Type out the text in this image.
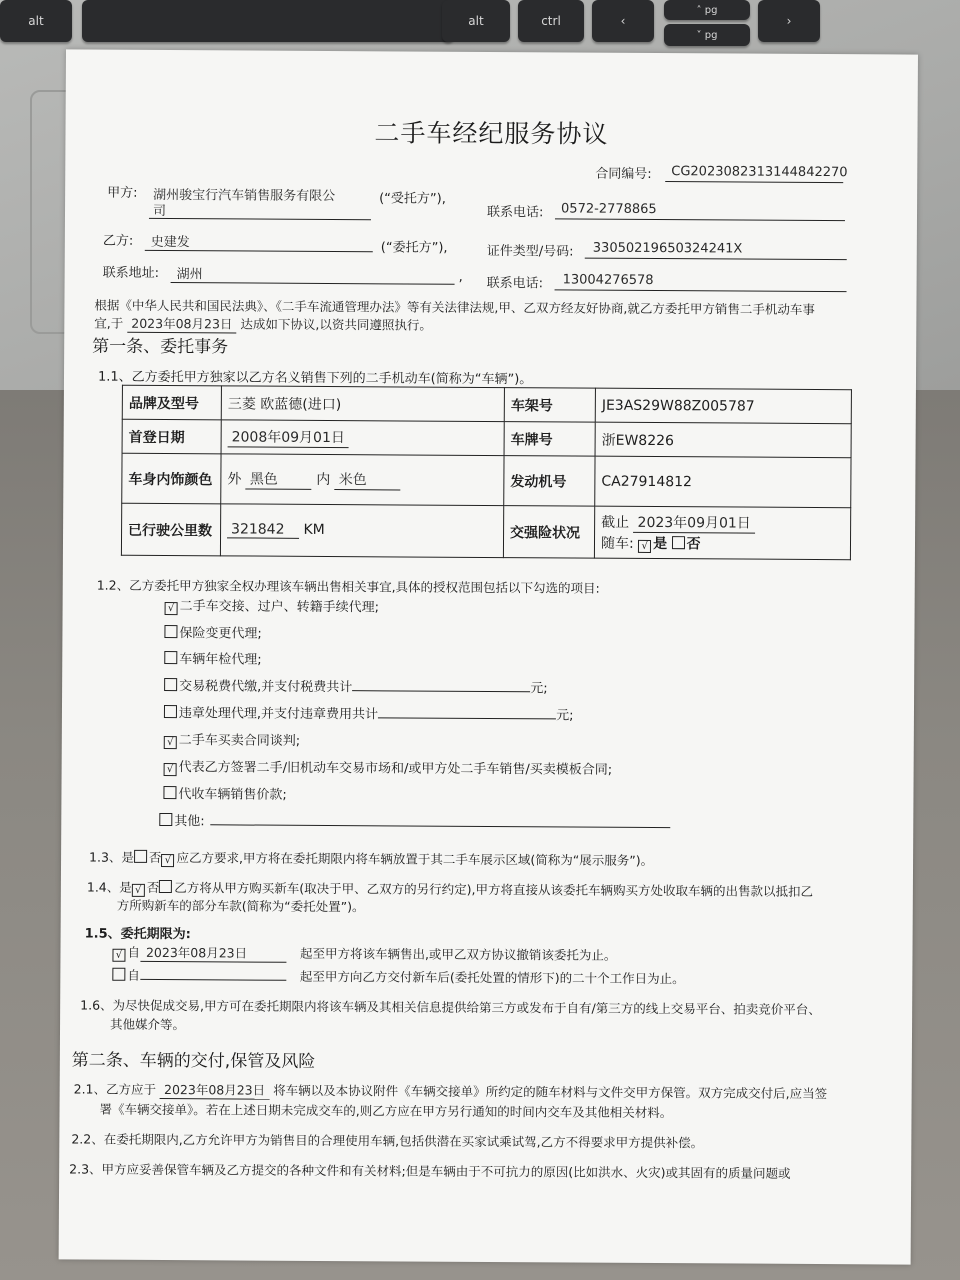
alt	alt	ctrl	‹
˄
pg
˅
pg
›
二手车经纪服务协议
合同编号: CG2023082313144842270
甲方: 湖州骏宝行汽车销售服务有限公
司
(“受托方”),
联系电话: 0572-2778865
乙方: 史建发	(“委托方”),	证件类型/号码: 33050219650324241X
联系地址: 湖州	, 联系电话: 13004276578
根据《中华人民共和国民法典》、《二手车流通管理办法》等有关法律法规,甲、乙双方经友好协商,就乙方委托甲方销售二手机动车事
宜,于 2023年08月23日 达成如下协议,以资共同遵照执行。
第一条、委托事务
1.1、乙方委托甲方独家以乙方名义销售下列的二手机动车(简称为“车辆”)。
品牌及型号	三菱 欧蓝德(进口)	车架号	JE3AS29W88Z005787
首登日期	2008年09月01日	车牌号	浙EW8226
车身内饰颜色	外 黑色 内 米色	发动机号	CA27914812
已行驶公里数	321842 KM	交强险状况	截止 2023年09月01日
随车: √ 是 否
1.2、乙方委托甲方独家全权办理该车辆出售相关事宜,具体的授权范围包括以下勾选的项目:
√ 二手车交接、过户、转籍手续代理;
保险变更代理;
车辆年检代理;
交易税费代缴,并支付税费共计	元;
违章处理代理,并支付违章费用共计	元;
√ 二手车买卖合同谈判;
√ 代表乙方签署二手/旧机动车交易市场和/或甲方处二手车销售/买卖模板合同;
代收车辆销售价款;
其他:
1.3、是 否 √ 应乙方要求,甲方将在委托期限内将车辆放置于其二手车展示区域(简称为“展示服务”)。
1.4、是 √ 否 乙方将从甲方购买新车(取决于甲、乙双方的另行约定),甲方将直接从该委托车辆购买方处收取车辆的出售款以抵扣乙
方所购新车的部分车款(简称为“委托处置”)。
1.5、委托期限为:
√ 自 2023年08月23日	起至甲方将该车辆售出,或甲乙双方协议撤销该委托为止。
自	起至甲方向乙方交付新车后(委托处置的情形下)的二十个工作日为止。
1.6、为尽快促成交易,甲方可在委托期限内将该车辆及其相关信息提供给第三方或发布于自有/第三方的线上交易平台、拍卖竞价平台、
其他媒介等。
第二条、车辆的交付,保管及风险
2.1、乙方应于 2023年08月23日 将车辆以及本协议附件《车辆交接单》所约定的随车材料与文件交甲方保管。双方完成交付后,应当签
署《车辆交接单》。若在上述日期未完成交车的,则乙方应在甲方另行通知的时间内交车及其他相关材料。
2.2、在委托期限内,乙方允许甲方为销售目的合理使用车辆,包括供潜在买家试乘试驾,乙方不得要求甲方提供补偿。
2.3、甲方应妥善保管车辆及乙方提交的各种文件和有关材料;但是车辆由于不可抗力的原因(比如洪水、火灾)或其固有的质量问题或
